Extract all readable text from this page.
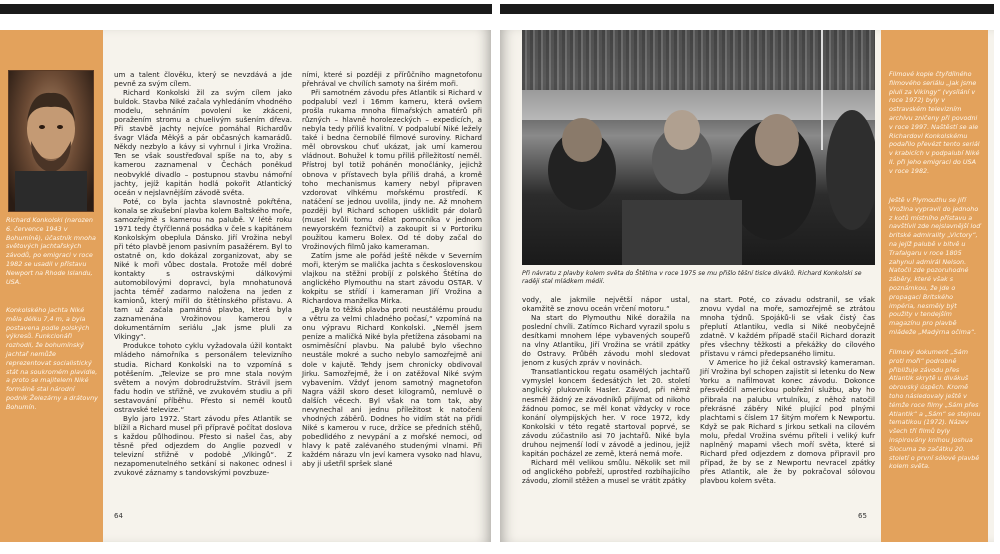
Richard Konkolski (narozen 6. července 1943 v Bohumíně), účastník mnoha světových jachtařských závodů, po emigraci v roce 1982 se usadil v přístavu Newport na Rhode Islandu, USA.
Konkolského jachta Niké měla délku 7,4 m, a byla postavena podle polských výkresů. Funkcionáři rozhodli, že bohumínský jachtař nemůže reprezentovat socialistický stát na soukromém plavidle, a proto se majitelem Niké formálně stal národní podnik Železárny a drátovny Bohumín.

um a talent člověku, který se nevzdává a jde pevně za svým cílem.

Richard Konkolski žil za svým cílem jako buldok. Stavba Niké začala vyhledáním vhodného modelu, sehnáním povolení ke zkáceni, poražením stromu a chuelivým sušením dřeva. Při stavbě jachty nejvíce pomáhal Richardův švagr Vláďa Měkýš a pár občasných kamarádů. Někdy nezbylo a kávy si vyhrnul i Jirka Vrožina. Ten se však soustřeďoval spíše na to, aby s kamerou zaznamenal v Čechách poněkud neobvyklé divadlo – postupnou stavbu námořní jachty, jejíž kapitán hodlá pokořit Atlantický oceán v nejslavnějším závodě světa.

Poté, co byla jachta slavnostně pokřtěna, konala se zkušební plavba kolem Baltského moře, samozřejmě s kamerou na palubě. V létě roku 1971 tedy čtyřčlenná posádka v čele s kapitánem Konkolským obeplula Dánsko. Jiří Vrožina nebyl při této plavbě jenom pasivním pasažérem. Byl to ostatně on, kdo dokázal zorganizovat, aby se Niké k moři vůbec dostala. Protože měl dobré kontakty s ostravskými dálkovými automobilovými dopravci, byla mnohatunová jachta téměř zadarmo naložena na jeden z kamionů, který mířil do štětínského přístavu. A tam už začala památná plavba, která byla zaznamenána Vrožinovou kamerou v dokumentárním seriálu „Jak jsme pluli za Vikingy“.

Produkce tohoto cyklu vyžadovala úžil kontakt mládeho námořníka s personálem televizního studia. Richard Konkolski na to vzpomíná s potěšením. „Televize se pro mne stala novým světem a novým dobrodružstvím. Strávil jsem fadu hodin ve střižně, ve zvukovém studiu a při sestavování příběhu. Přesto si neměl koutů ostravské televize.“

Bylo jaro 1972. Start závodu přes Atlantik se blížil a Richard musel při přípravě počítat doslova s každou půlhodinou. Přesto si našel čas, aby těsně před odjezdem do Anglie pozvedl v televizní střižně v podobě „Vikingů“. Z nezapomenutelného setkání si nakonec odnesl i zvukové záznamy s tandovskými povzbuze-

ními, které si později z přírůčního magnetofonu přehrával ve chvílích samoty na širém moři.

Při samotném závodu přes Atlantik si Richard v podpalubí vezl i 16mm kameru, která ovšem prošla rukama mnoha filmařských amatérů při různých – hlavně horolezeckých – expedicích, a nebyla tedy příliš kvalitní. V podpalubí Niké ležely také i bedna černobílé filmové suroviny. Richard měl obrovskou chuť ukázat, jak umí kamerou vládnout. Bohužel k tomu příliš příležitostí neměl. Přístroj byl totiž poháněn monočlánky, jejichž obnova v přístavech byla příliš drahá, a kromě toho mechanismus kamery nebyl připraven vzdorovat vlhkému mořskému prostředí. K natáčení se jednou uvolila, jindy ne. Až mnohem později byl Richard schopen ušklidit pár dolarů (musel kvůli tomu dělat pomocníka v jednom newyorském fezničtví) a zakoupit si v Portoriku použitou kameru Bolex. Od té doby začal do Vrožinových filmů jako kameraman.

Zatím jsme ale pořád ještě někde v Severním moři, kterým se malička jachta s československou vlajkou na stěžni probíjí z polského Štětína do anglického Plymouthu na start závodu OSTAR. V kokpitu se střídí i kameraman Jiří Vrožina a Richardova manželka Mirka.

„Byla to těžká plavba proti neustálému proudu a větru za velmi chladného počasí,“ vzpomíná na onu výpravu Richard Konkolski. „Neměl jsem peníze a maličká Niké byla přetížena zásobami na osmiměsíční plavbu. Na palubě bylo všechno neustále mokré a sucho nebylo samozřejmě ani dole v kajutě. Tehdy jsem chronicky obdivoval Jirku. Samozřejmě, že i on zatěžoval Niké svým vybavením. Vždyť jenom samotný magnetofon Nagra vážil skoro deset kilogramů, nemluvě o dalších věcech. Byl však na tom tak, aby nevynechal ani jednu příležitost k natočení vhodných záběrů. Dodnes ho vidím stát na přídi Niké s kamerou v ruce, držíce se předních stěhů, pobedlidého z nevypání a z mořské nemoci, od hlavy k patě zalévaného studenými vlnami. Při každém nárazu vln jeví kamera vysoko nad hlavu, aby ji ušetřil spršek slané

64
Při návratu z plavby kolem světa do Štětína v roce 1975 se mu přišlo těšní tisíce diváků. Richard Konkolski se raději stal mládkem médií.

vody, ale jakmile největší nápor ustal, okamžitě se znovu oceán vrčení motoru.“

Na start do Plymouthu Niké doražila na poslední chvíli. Zatímco Richard vyrazil spolu s desítkami mnohem lépe vybavených soupeřů na vlny Atlantiku, Jiří Vrožina se vrátil zpátky do Ostravy. Průběh závodu mohl sledovat jenom z kusých zpráv v novinách.

Transatlantickou regatu osamělých jachtařů vymyslel koncem šedesátých let 20. století anglický plukovník Hasler. Závod, při němž nesměl žádný ze závodníků přijímat od nikoho žádnou pomoc, se měl konat vždycky v roce konání olympijských her. V roce 1972, kdy Konkolski v této regatě startoval poprvé, se závodu zúčastnilo asi 70 jachtařů. Niké byla druhou nejmenší lodí v závodě a jedinou, jejíž kapitán pocházel ze země, která nemá moře.

Richard měl velikou smůlu. Několik set mil od anglického pobřeží, uprostřed rozbíhajícího závodu, zlomil stěžen a musel se vrátit zpátky

na start. Poté, co závadu odstranil, se však znovu vydal na moře, samozřejmě se ztrátou mnoha týdnů. Spojáků-li se však čistý čas přeplutí Atlantiku, vedla si Niké neobyčejně zdatně. V každém případě stačil Richard dorazit přes všechny těžkosti a překážky do cílového přístavu v rámci předepsaného limitu.

V Americe ho již čekal ostravský kameraman. Jiří Vrožina byl schopen zajistit si letenku do New Yorku a nafilmovat konec závodu. Dokonce přesvědčil americkou pobřežní službu, aby ho přibrala na palubu vrtulníku, z něhož natočil překrásné záběry Niké plující pod plnými plachtami s číslem 17 šitým mořem k Newportu. Když se pak Richard s Jirkou setkali na cílovém molu, předal Vrožina svému příteli i veliký kufr naplněný mapami všech moří světa, které si Richard před odjezdem z domova připravil pro případ, že by se z Newportu nevracel zpátky přes Atlantik, ale že by pokračoval sólovou plavbou kolem světa.

Filmové kopie čtyřdílného filmového seriálu „Jak jsme pluli za Vikingy“ (vysílání v roce 1972) byly v ostravském televizním archivu zničeny při povodni v roce 1997. Naštěstí se ale Richardovi Konkolskému podařilo převézt tento seriál v krabicích v podpalubí Niké II. při jeho emigraci do USA v roce 1982.
Ještě v Plymouthu se Jiří Vrožina vypravil do jednoho z kotů místního přístavu a navštívil zde nejslavnější loď britské admirality „Victory“, na jejíž palubě v bitvě u Trafalgaru v roce 1805 zahynul admirál Nelson. Natočil zde pozoruhodné záběry, které však s poznámkou, že jde o propagaci Britského impéria, nesměly být použity v tendejším magazínu pro plavbě mládeže „Madýrna očima“.
Filmový dokument „Sám proti moři“ podrobně přibližuje závodu přes Atlantik skrytě u divákuš obrovský úspěch. Kromě toho následovaly ještě v témže roce filmy „Sám přes Atlantik“ a „Sám“ se stejnou tematikou (1972). Název všech tří filmů byly inspirovány knihou Joshua Slocuma ze začátku 20. století o první sólové plavbě kolem světa.
65
